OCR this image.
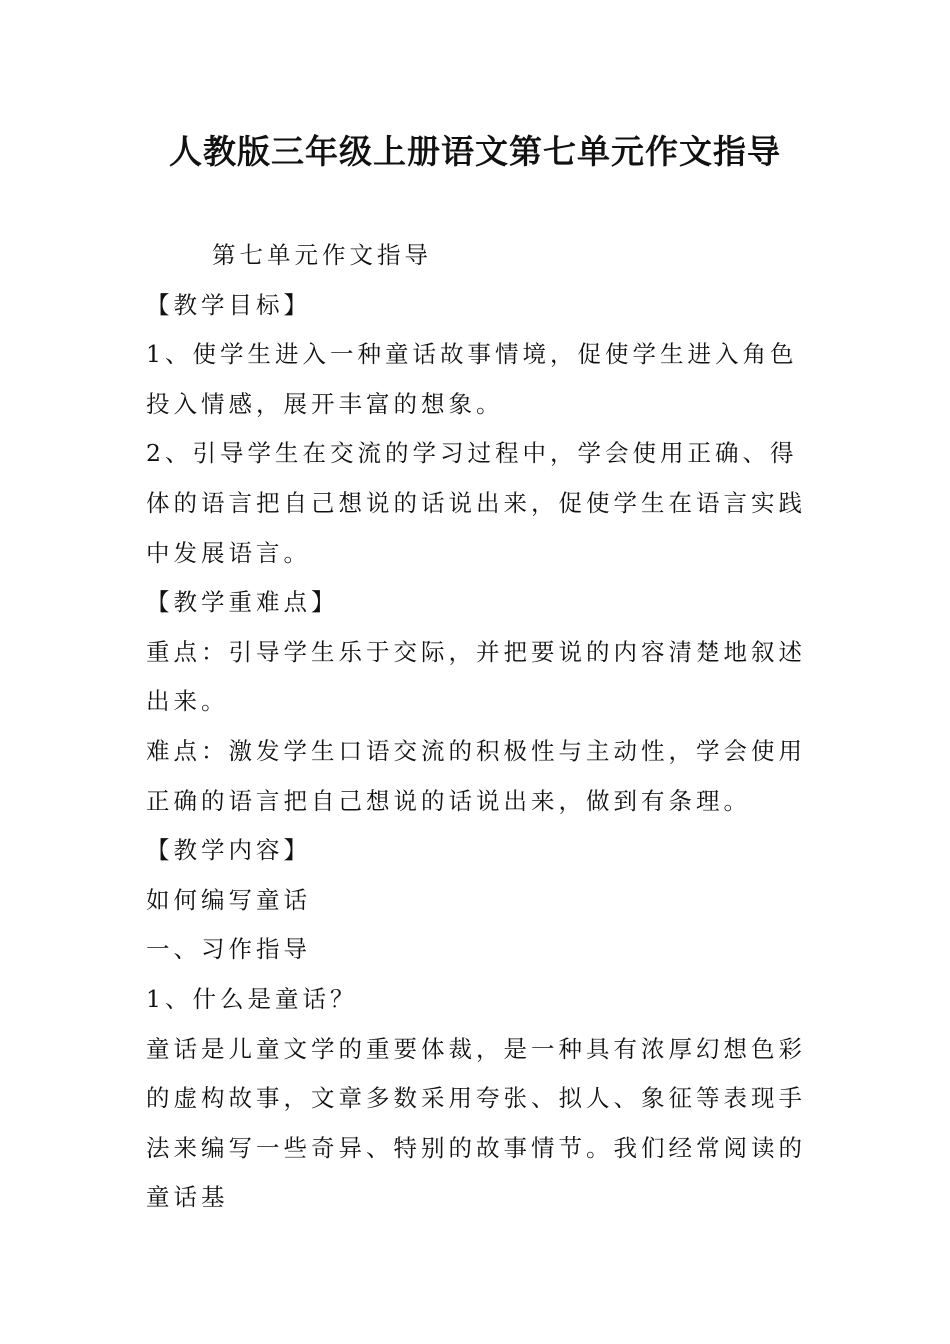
人教版三年级上册语文第七单元作文指导

第七单元作文指导

【教学目标】

1、使学生进入一种童话故事情境，促使学生进入角色投入情感，展开丰富的想象。

2、引导学生在交流的学习过程中，学会使用正确、得体的语言把自己想说的话说出来，促使学生在语言实践中发展语言。

【教学重难点】

重点：引导学生乐于交际，并把要说的内容清楚地叙述出来。

难点：激发学生口语交流的积极性与主动性，学会使用正确的语言把自己想说的话说出来，做到有条理。

【教学内容】

如何编写童话

一、习作指导

1、什么是童话？

童话是儿童文学的重要体裁，是一种具有浓厚幻想色彩的虚构故事，文章多数采用夸张、拟人、象征等表现手法来编写一些奇异、特别的故事情节。我们经常阅读的童话基
